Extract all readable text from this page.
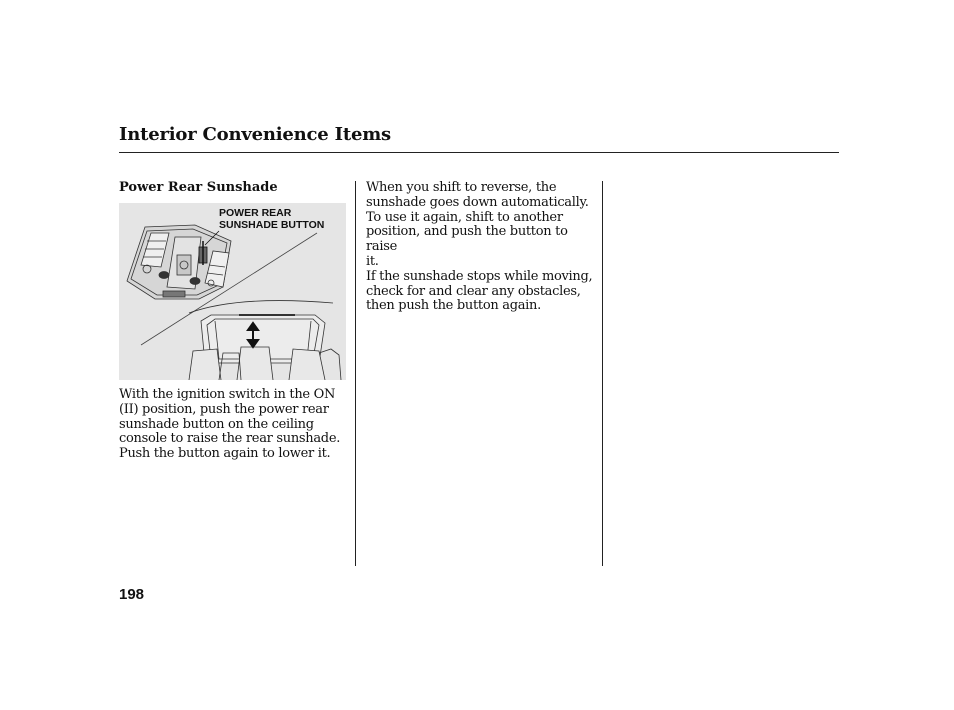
Interior Convenience Items
Power Rear Sunshade
POWER REAR
SUNSHADE BUTTON

With the ignition switch in the ON

(II) position, push the power rear

sunshade button on the ceiling

console to raise the rear sunshade.

Push the button again to lower it.

When you shift to reverse, the

sunshade goes down automatically.

To use it again, shift to another

position, and push the button to raise

it.

If the sunshade stops while moving,

check for and clear any obstacles,

then push the button again.

198
